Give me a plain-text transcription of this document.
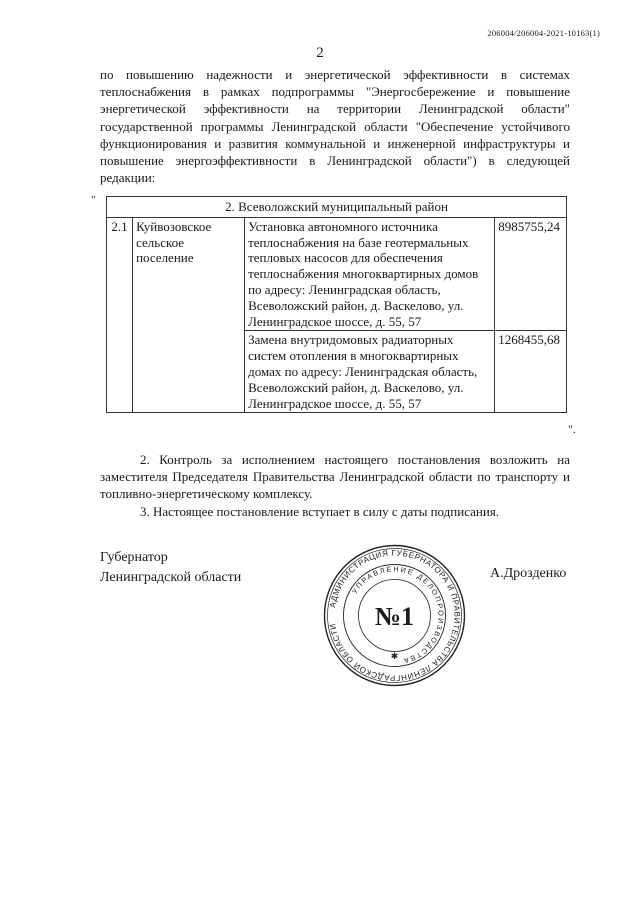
206004/206004-2021-10163(1)
2
по повышению надежности и энергетической эффективности в системах теплоснабжения в рамках подпрограммы "Энергосбережение и повышение энергетической эффективности на территории Ленинградской области" государственной программы Ленинградской области "Обеспечение устойчивого функционирования и развития коммунальной и инженерной инфраструктуры и повышение энергоэффективности в Ленинградской области") в следующей редакции:
"	2. Всеволожский муниципальный район			
2.1	Куйвозовское сельское поселение	Установка автономного источника теплоснабжения на базе геотермальных тепловых насосов для обеспечения теплоснабжения многоквартирных домов по адресу: Ленинградская область, Всеволожский район, д. Васкелово, ул. Ленинградское шоссе, д. 55, 57	8985755,24
		Замена внутридомовых радиаторных систем отопления в многоквартирных домах по адресу: Ленинградская область, Всеволожский район, д. Васкелово, ул. Ленинградское шоссе, д. 55, 57	1268455,68
".
2. Контроль за исполнением настоящего постановления возложить на заместителя Председателя Правительства Ленинградской области по транспорту и топливно-энергетическому комплексу.
3. Настоящее постановление вступает в силу с даты подписания.
Губернатор
Ленинградской области	А.Дрозденко
АДМИНИСТРАЦИЯ ГУБЕРНАТОРА И ПРАВИТЕЛЬСТВА ЛЕНИНГРАДСКОЙ ОБЛАСТИ
УПРАВЛЕНИЕ ДЕЛОПРОИЗВОДСТВА
№1
✱
